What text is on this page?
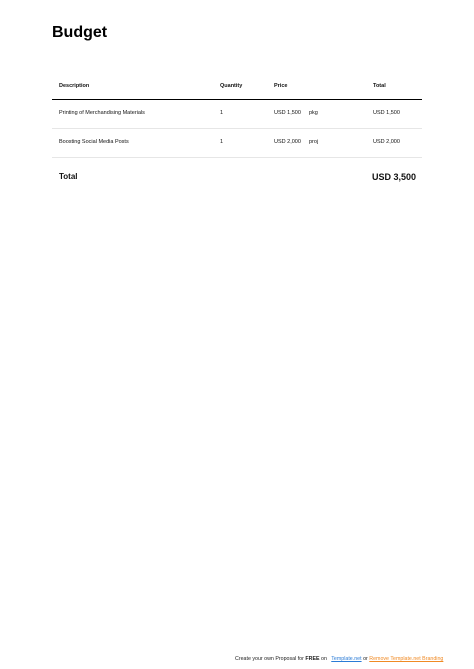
Budget
Description	Quantity	Price	Total
Printing of Merchandising Materials	1	USD 1,500 pkg	USD 1,500
Boosting Social Media Posts	1	USD 2,000 proj	USD 2,000
Total	USD 3,500
Create your own Proposal for FREE on Template.net or Remove Template.net Branding
